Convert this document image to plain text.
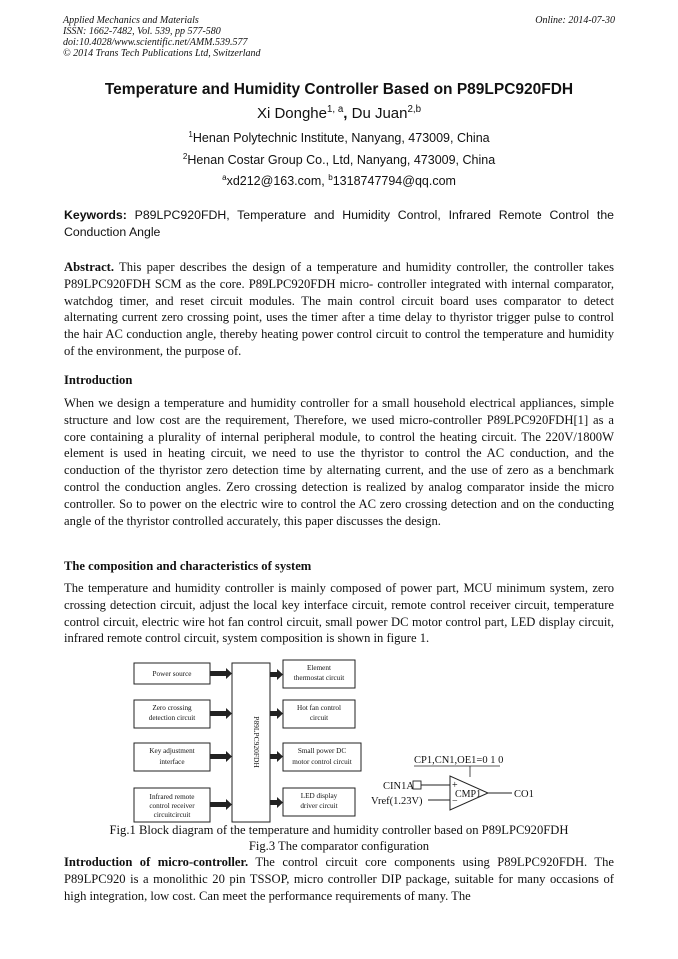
Applied Mechanics and Materials
ISSN: 1662-7482, Vol. 539, pp 577-580
doi:10.4028/www.scientific.net/AMM.539.577
© 2014 Trans Tech Publications Ltd, Switzerland
Online: 2014-07-30
Temperature and Humidity Controller Based on P89LPC920FDH
Xi Donghe$^{1, a}$, Du Juan$^{2,b}$
$^1$Henan Polytechnic Institute, Nanyang, 473009, China
$^2$Henan Costar Group Co., Ltd, Nanyang, 473009, China
$^a$xd212@163.com, $^b$1318747794@qq.com
Keywords: P89LPC920FDH, Temperature and Humidity Control, Infrared Remote Control the Conduction Angle
Abstract. This paper describes the design of a temperature and humidity controller, the controller takes P89LPC920FDH SCM as the core. P89LPC920FDH micro- controller integrated with internal comparator, watchdog timer, and reset circuit modules. The main control circuit board uses comparator to detect alternating current zero crossing point, uses the timer after a time delay to thyristor trigger pulse to control the hair AC conduction angle, thereby heating power control circuit to control the temperature and humidity of the environment, the purpose of.
Introduction
When we design a temperature and humidity controller for a small household electrical appliances, simple structure and low cost are the requirement, Therefore, we used micro-controller P89LPC920FDH[1] as a core containing a plurality of internal peripheral module, to control the heating circuit. The 220V/1800W element is used in heating circuit, we need to use the thyristor to control the AC conduction, and the conduction of the thyristor zero detection time by alternating current, and the use of zero as a benchmark control the conduction angles. Zero crossing detection is realized by analog comparator inside the micro controller. So to power on the electric wire to control the AC zero crossing detection and on the conducting angle of the thyristor controlled accurately, this paper discusses the design.
The composition and characteristics of system
The temperature and humidity controller is mainly composed of power part, MCU minimum system, zero crossing detection circuit, adjust the local key interface circuit, remote control receiver circuit, temperature control circuit, electric wire hot fan control circuit, small power DC motor control part, LED display circuit, infrared remote control circuit, system composition is shown in figure 1.
Power source
Zero crossing
detection circuit
Key adjustment
interface
Infrared remote
control receiver
circuitcircuit
Element
thermostat circuit
Hot fan control
circuit
Small power DC
motor control circuit
LED display
driver circuit
P89LPC920FDH	CP1,CN1,OE1=0 1 0
CIN1A
Vref(1.23V)
+
−
CMP1	CO1
Fig.1 Block diagram of the temperature and humidity controller based on P89LPC920FDH
Fig.3 The comparator configuration
Introduction of micro-controller. The control circuit core components using P89LPC920FDH. The P89LPC920 is a monolithic 20 pin TSSOP, micro controller DIP package, suitable for many occasions of high integration, low cost. Can meet the performance requirements of many. The
